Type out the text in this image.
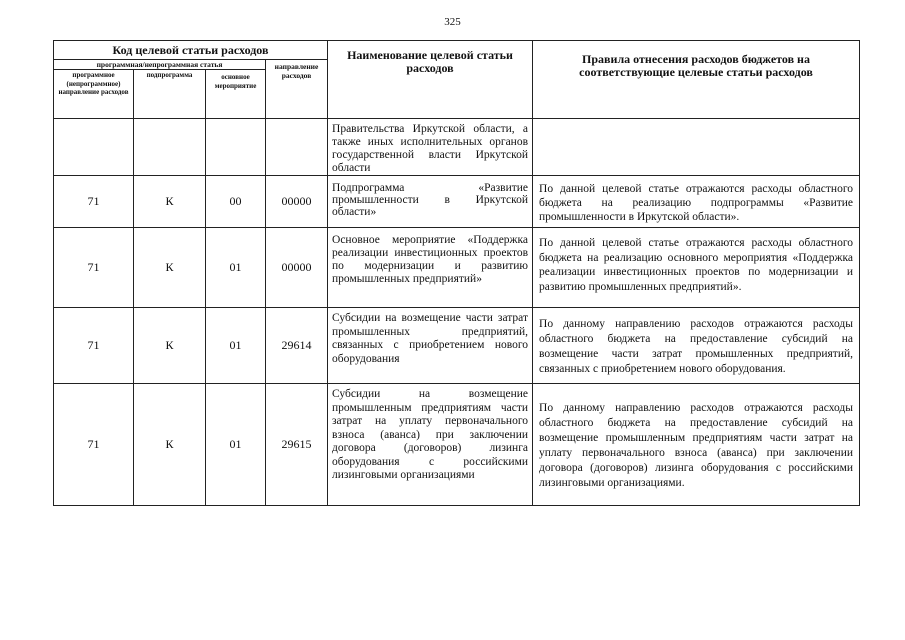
325
Код целевой статьи расходов				Наименование целевой статьи расходов	Правила отнесения расходов бюджетов на соответствующие целевые статьи расходов
программная/непрограммная статья			направление расходов		
программное (непрограммное) направление расходов	подпрограмма	основное мероприятие			
				Правительства Иркутской области, а также иных исполнительных органов государственной власти Иркутской области	
71	К	00	00000	Подпрограмма «Развитие промышленности в Иркутской области»	По данной целевой статье отражаются расходы областного бюджета на реализацию подпрограммы «Развитие промышленности в Иркутской области».
71	К	01	00000	Основное мероприятие «Поддержка реализации инвестиционных проектов по модернизации и развитию промышленных предприятий»	По данной целевой статье отражаются расходы областного бюджета на реализацию основного мероприятия «Поддержка реализации инвестиционных проектов по модернизации и развитию промышленных предприятий».
71	К	01	29614	Субсидии на возмещение части затрат промышленных предприятий, связанных с приобретением нового оборудования	По данному направлению расходов отражаются расходы областного бюджета на предоставление субсидий на возмещение части затрат промышленных предприятий, связанных с приобретением нового оборудования.
71	К	01	29615	Субсидии на возмещение промышленным предприятиям части затрат на уплату первоначального взноса (аванса) при заключении договора (договоров) лизинга оборудования с российскими лизинговыми организациями	По данному направлению расходов отражаются расходы областного бюджета на предоставление субсидий на возмещение промышленным предприятиям части затрат на уплату первоначального взноса (аванса) при заключении договора (договоров) лизинга оборудования с российскими лизинговыми организациями.
